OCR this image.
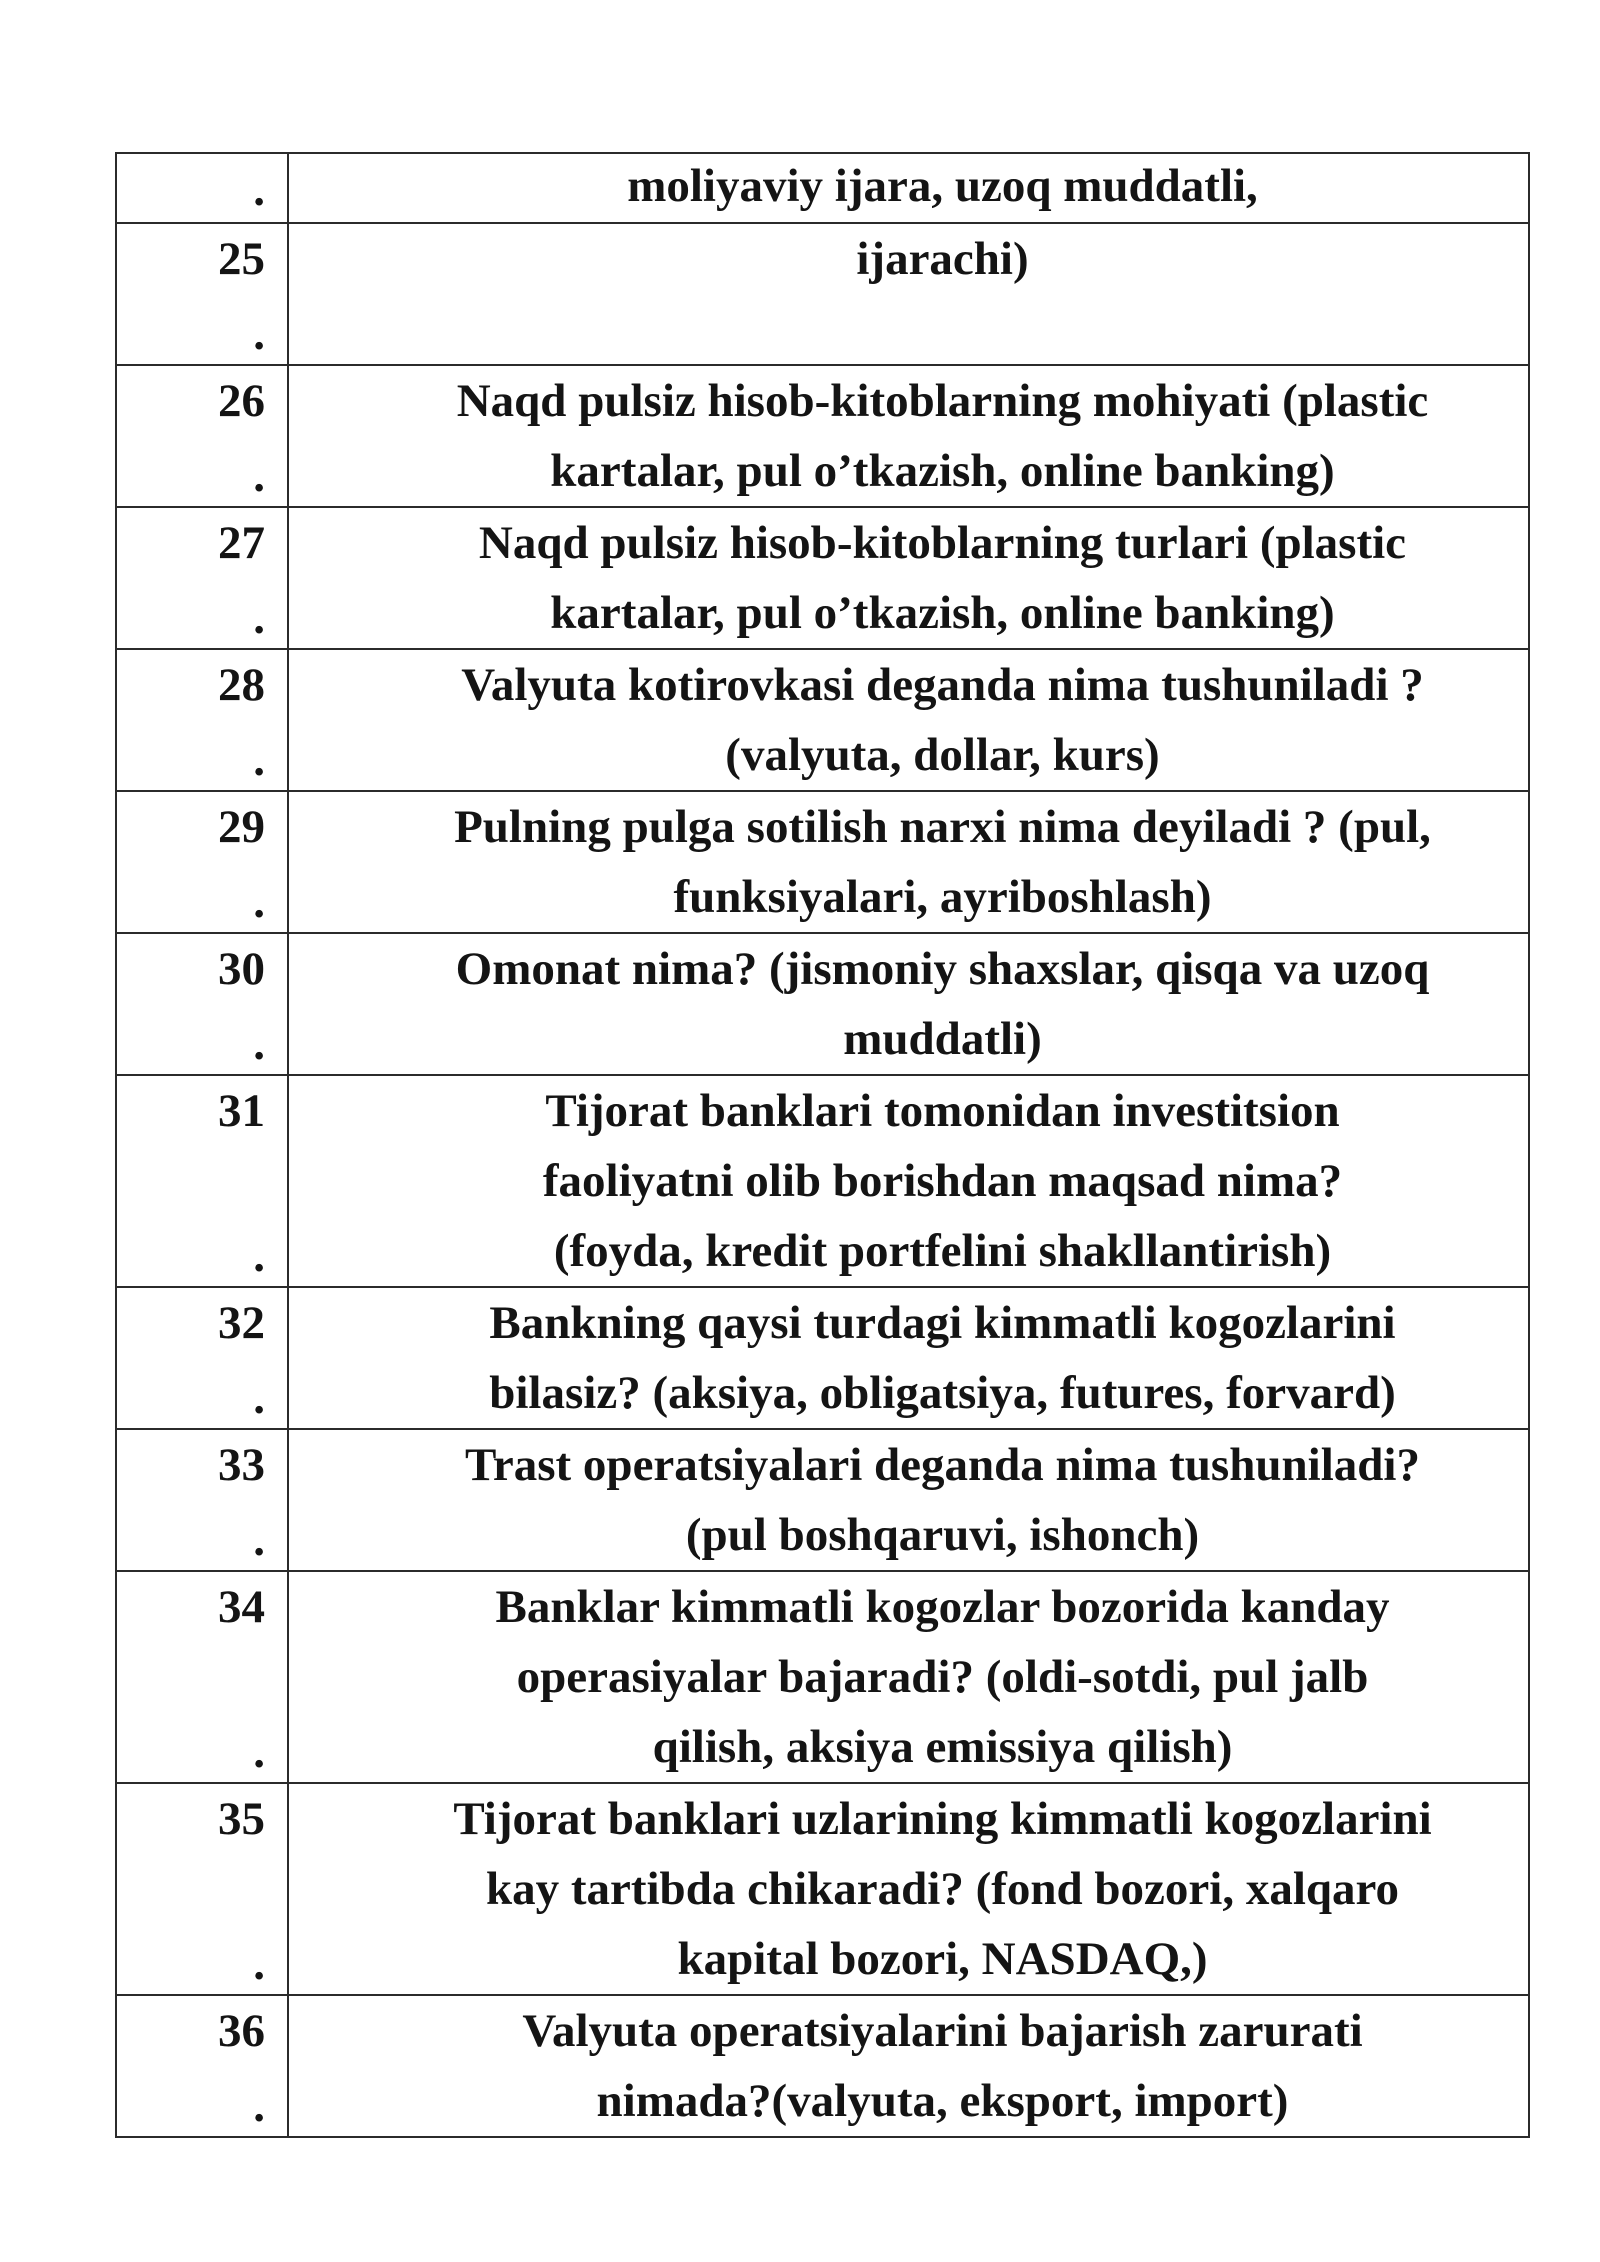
.	moliyaviy ijara, uzoq muddatli,

25
.	ijarachi)

26
.	Naqd pulsiz hisob-kitoblarning mohiyati (plastic
kartalar, pul o’tkazish, online banking)

27
.	Naqd pulsiz hisob-kitoblarning turlari (plastic
kartalar, pul o’tkazish, online banking)

28
.	Valyuta kotirovkasi deganda nima tushuniladi ?
(valyuta, dollar, kurs)

29
.	Pulning pulga sotilish narxi nima deyiladi ? (pul,
funksiyalari, ayriboshlash)

30
.	Omonat nima? (jismoniy shaxslar, qisqa va uzoq
muddatli)

31
.	Tijorat banklari tomonidan investitsion
faoliyatni olib borishdan maqsad nima?
(foyda, kredit portfelini shakllantirish)

32
.	Bankning qaysi turdagi kimmatli kogozlarini
bilasiz? (aksiya, obligatsiya, futures, forvard)

33
.	Trast operatsiyalari deganda nima tushuniladi?
(pul boshqaruvi, ishonch)

34
.	Banklar kimmatli kogozlar bozorida kanday
operasiyalar bajaradi? (oldi-sotdi, pul jalb
qilish, aksiya emissiya qilish)

35
.	Tijorat banklari uzlarining kimmatli kogozlarini
kay tartibda chikaradi? (fond bozori, xalqaro
kapital bozori, NASDAQ,)

36
.	Valyuta operatsiyalarini bajarish zarurati
nimada?(valyuta, eksport, import)
